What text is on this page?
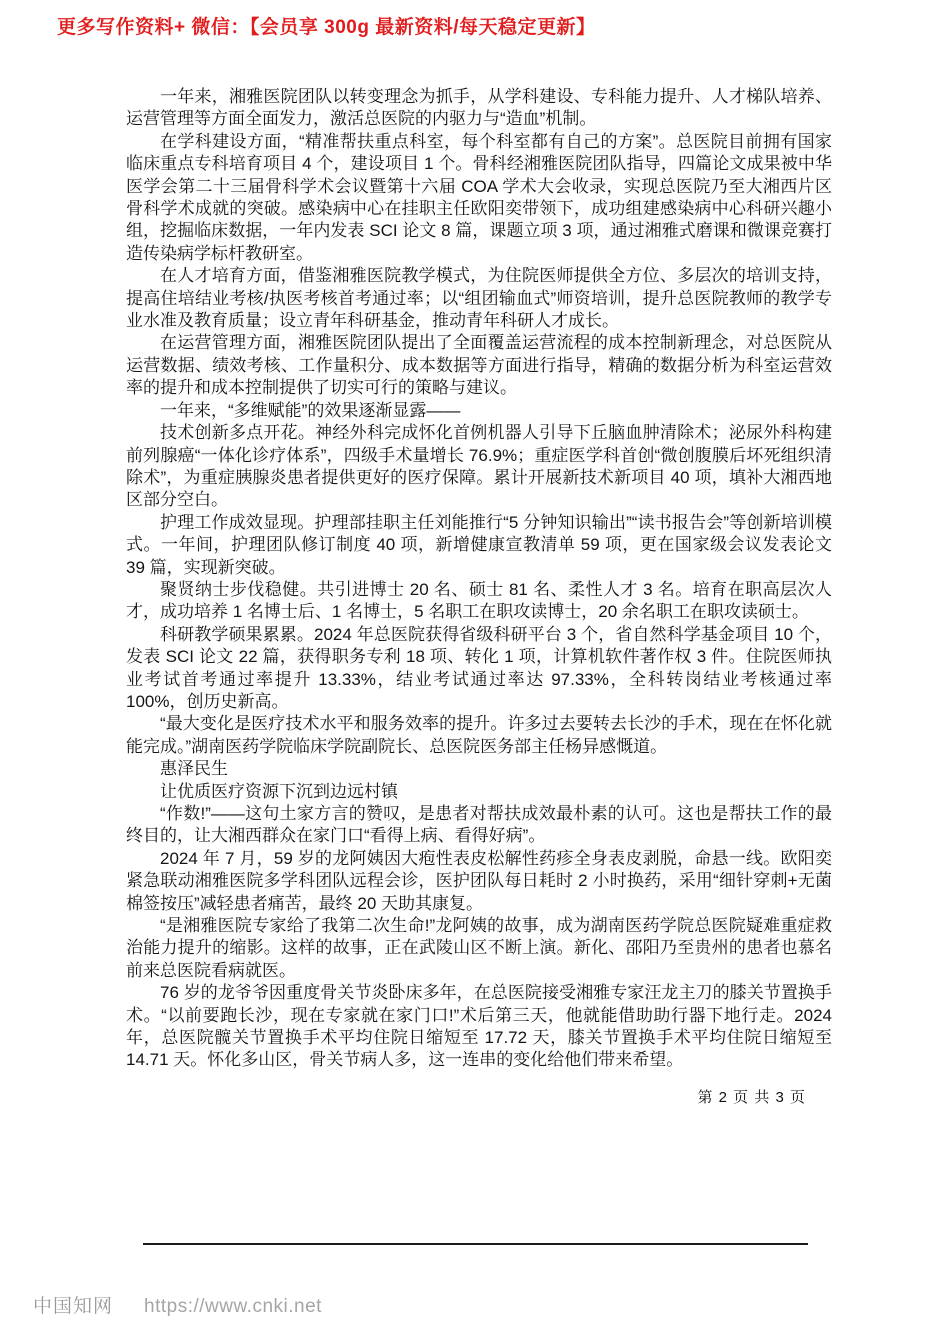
更多写作资料+ 微信：【会员享 300g 最新资料/每天稳定更新】

一年来，湘雅医院团队以转变理念为抓手，从学科建设、专科能力提升、人才梯队培养、运营管理等方面全面发力，激活总医院的内驱力与“造血”机制。

在学科建设方面，“精准帮扶重点科室，每个科室都有自己的方案”。总医院目前拥有国家临床重点专科培育项目 4 个，建设项目 1 个。骨科经湘雅医院团队指导，四篇论文成果被中华医学会第二十三届骨科学术会议暨第十六届 COA 学术大会收录，实现总医院乃至大湘西片区骨科学术成就的突破。感染病中心在挂职主任欧阳奕带领下，成功组建感染病中心科研兴趣小组，挖掘临床数据，一年内发表 SCI 论文 8 篇，课题立项 3 项，通过湘雅式磨课和微课竞赛打造传染病学标杆教研室。

在人才培育方面，借鉴湘雅医院教学模式，为住院医师提供全方位、多层次的培训支持，提高住培结业考核/执医考核首考通过率；以“组团输血式”师资培训，提升总医院教师的教学专业水准及教育质量；设立青年科研基金，推动青年科研人才成长。

在运营管理方面，湘雅医院团队提出了全面覆盖运营流程的成本控制新理念，对总医院从运营数据、绩效考核、工作量积分、成本数据等方面进行指导，精确的数据分析为科室运营效率的提升和成本控制提供了切实可行的策略与建议。

一年来，“多维赋能”的效果逐渐显露——

技术创新多点开花。神经外科完成怀化首例机器人引导下丘脑血肿清除术；泌尿外科构建前列腺癌“一体化诊疗体系”，四级手术量增长 76.9%；重症医学科首创“微创腹膜后坏死组织清除术”，为重症胰腺炎患者提供更好的医疗保障。累计开展新技术新项目 40 项，填补大湘西地区部分空白。

护理工作成效显现。护理部挂职主任刘能推行“5 分钟知识输出”“读书报告会”等创新培训模式。一年间，护理团队修订制度 40 项，新增健康宣教清单 59 项，更在国家级会议发表论文 39 篇，实现新突破。

聚贤纳士步伐稳健。共引进博士 20 名、硕士 81 名、柔性人才 3 名。培育在职高层次人才，成功培养 1 名博士后、1 名博士，5 名职工在职攻读博士，20 余名职工在职攻读硕士。

科研教学硕果累累。2024 年总医院获得省级科研平台 3 个，省自然科学基金项目 10 个，发表 SCI 论文 22 篇，获得职务专利 18 项、转化 1 项，计算机软件著作权 3 件。住院医师执业考试首考通过率提升 13.33%，结业考试通过率达 97.33%，全科转岗结业考核通过率 100%，创历史新高。

“最大变化是医疗技术水平和服务效率的提升。许多过去要转去长沙的手术，现在在怀化就能完成。”湖南医药学院临床学院副院长、总医院医务部主任杨异感慨道。

惠泽民生

让优质医疗资源下沉到边远村镇

“作数!”——这句土家方言的赞叹，是患者对帮扶成效最朴素的认可。这也是帮扶工作的最终目的，让大湘西群众在家门口“看得上病、看得好病”。

2024 年 7 月，59 岁的龙阿姨因大疱性表皮松解性药疹全身表皮剥脱，命悬一线。欧阳奕紧急联动湘雅医院多学科团队远程会诊，医护团队每日耗时 2 小时换药，采用“细针穿刺+无菌棉签按压”减轻患者痛苦，最终 20 天助其康复。

“是湘雅医院专家给了我第二次生命!”龙阿姨的故事，成为湖南医药学院总医院疑难重症救治能力提升的缩影。这样的故事，正在武陵山区不断上演。新化、邵阳乃至贵州的患者也慕名前来总医院看病就医。

76 岁的龙爷爷因重度骨关节炎卧床多年，在总医院接受湘雅专家汪龙主刀的膝关节置换手术。“以前要跑长沙，现在专家就在家门口!”术后第三天，他就能借助助行器下地行走。2024 年，总医院髋关节置换手术平均住院日缩短至 17.72 天，膝关节置换手术平均住院日缩短至 14.71 天。怀化多山区，骨关节病人多，这一连串的变化给他们带来希望。

第 2 页 共 3 页
中国知网 https://www.cnki.net
